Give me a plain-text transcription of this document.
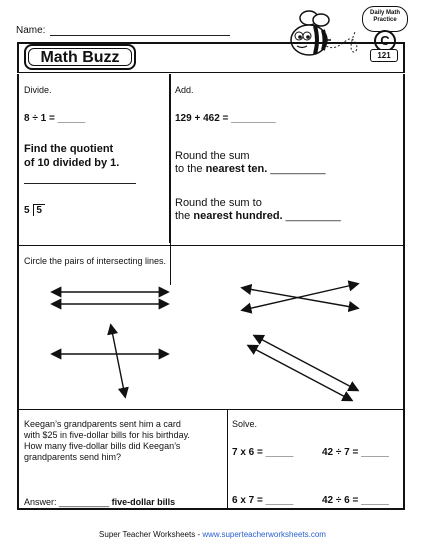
Name:
Daily Math
Practice
C
121
Math Buzz
Divide.
8 ÷ 1 = _____
Find the quotient
of 10 divided by 1.
5 5
Add.
129 + 462 = ________
Round the sum
to the nearest ten. _________
Round the sum to
the nearest hundred. _________
Circle the pairs of intersecting lines.
Keegan’s grandparents sent him a card
with $25 in five-dollar bills for his birthday.
How many five-dollar bills did Keegan’s
grandparents send him?
Answer: __________ five-dollar bills
Solve.
7 x 6 = _____	42 ÷ 7 = _____
6 x 7 = _____	42 ÷ 6 = _____
Super Teacher Worksheets - www.superteacherworksheets.com
